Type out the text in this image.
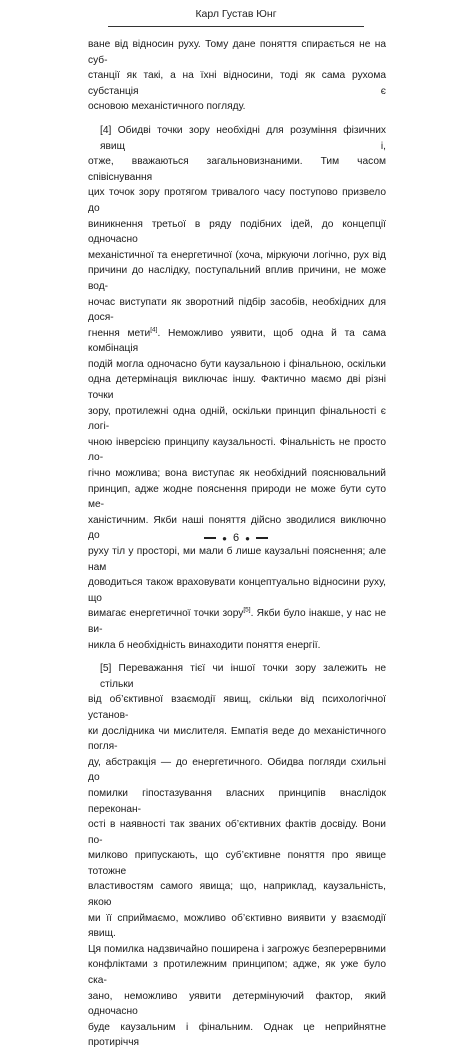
Карл Густав Юнг

ване від відносин руху. Тому дане поняття спирається не на суб-

станції як такі, а на їхні відносини, тоді як сама рухома субстанція є

основою механістичного погляду.

[4] Обидві точки зору необхідні для розуміння фізичних явищ і,

отже, вважаються загальновизнаними. Тим часом співіснування

цих точок зору протягом тривалого часу поступово призвело до

виникнення третьої в ряду подібних ідей, до концепції одночасно

механістичної та енергетичної (хоча, міркуючи логічно, рух від

причини до наслідку, поступальний вплив причини, не може вод-

ночас виступати як зворотний підбір засобів, необхідних для дося-

гнення мети[4]. Неможливо уявити, щоб одна й та сама комбінація

подій могла одночасно бути каузальною і фінальною, оскільки

одна детермінація виключає іншу. Фактично маємо дві різні точки

зору, протилежні одна одній, оскільки принцип фінальності є логі-

чною інверсією принципу каузальності. Фінальність не просто ло-

гічно можлива; вона виступає як необхідний пояснювальний

принцип, адже жодне пояснення природи не може бути суто ме-

ханістичним. Якби наші поняття дійсно зводилися виключно до

руху тіл у просторі, ми мали б лише каузальні пояснення; але нам

доводиться також враховувати концептуально відносини руху, що

вимагає енергетичної точки зору[5]. Якби було інакше, у нас не ви-

никла б необхідність винаходити поняття енергії.

[5] Переважання тієї чи іншої точки зору залежить не стільки

від об’єктивної взаємодії явищ, скільки від психологічної установ-

ки дослідника чи мислителя. Емпатія веде до механістичного погля-

ду, абстракція — до енергетичного. Обидва погляди схильні до

помилки гіпостазування власних принципів внаслідок переконан-

ості в наявності так званих об’єктивних фактів досвіду. Вони по-

милково припускають, що суб’єктивне поняття про явище тотожне

властивостям самого явища; що, наприклад, каузальність, якою

ми її сприймаємо, можливо об’єктивно виявити у взаємодії явищ.

Ця помилка надзвичайно поширена і загрожує безперервними

конфліктами з протилежним принципом; адже, як уже було ска-

зано, неможливо уявити детермінуючий фактор, який одночасно

буде каузальним і фінальним. Однак це неприйнятне протиріччя

● 6 ●
